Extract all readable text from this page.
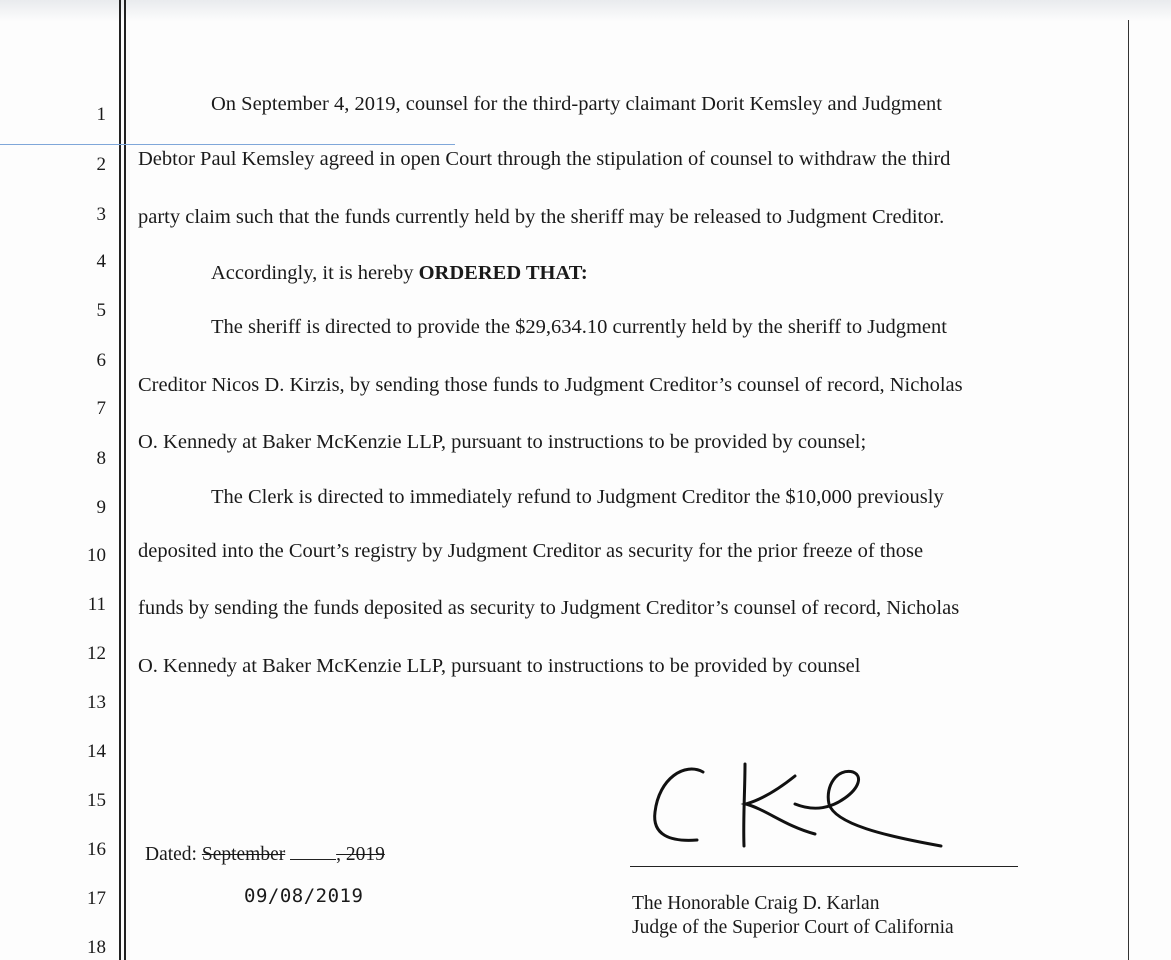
1
2
3
4
5
6
7
8
9
10
11
12
13
14
15
16
17
18
On September 4, 2019, counsel for the third-party claimant Dorit Kemsley and Judgment
Debtor Paul Kemsley agreed in open Court through the stipulation of counsel to withdraw the third
party claim such that the funds currently held by the sheriff may be released to Judgment Creditor.
Accordingly, it is hereby ORDERED THAT:
The sheriff is directed to provide the $29,634.10 currently held by the sheriff to Judgment
Creditor Nicos D. Kirzis, by sending those funds to Judgment Creditor’s counsel of record, Nicholas
O. Kennedy at Baker McKenzie LLP, pursuant to instructions to be provided by counsel;
The Clerk is directed to immediately refund to Judgment Creditor the $10,000 previously
deposited into the Court’s registry by Judgment Creditor as security for the prior freeze of those
funds by sending the funds deposited as security to Judgment Creditor’s counsel of record, Nicholas
O. Kennedy at Baker McKenzie LLP, pursuant to instructions to be provided by counsel
Dated: September	, 2019
09/08/2019	The Honorable Craig D. Karlan
Judge of the Superior Court of California
